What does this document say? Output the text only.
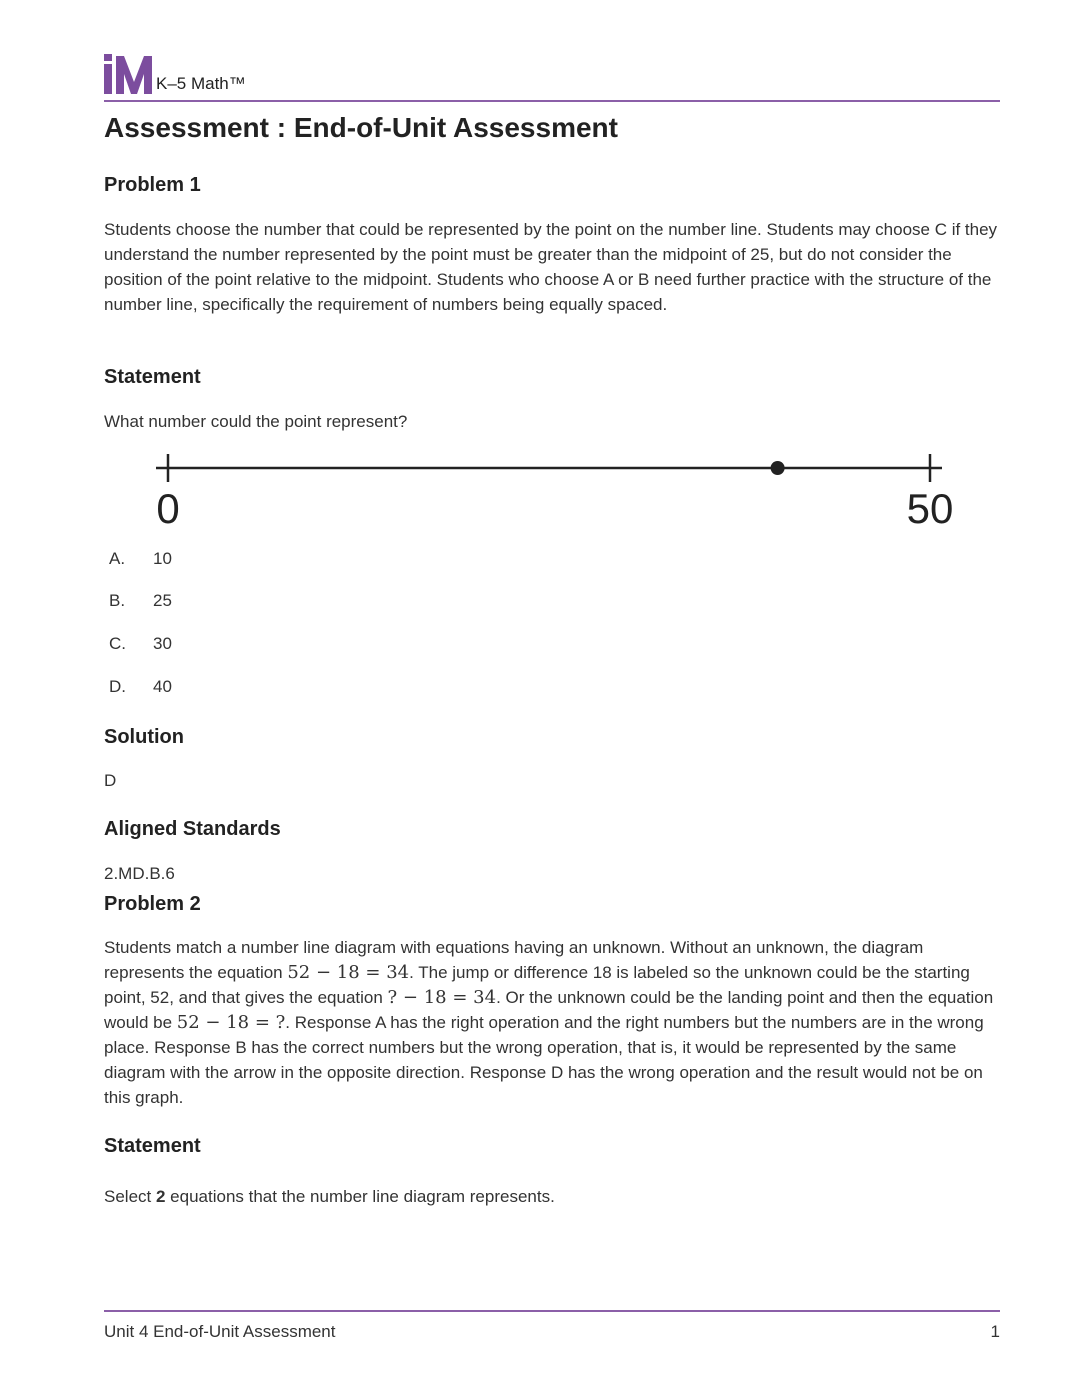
K–5 Math™
Assessment : End-of-Unit Assessment
Problem 1

Students choose the number that could be represented by the point on the number line. Students may choose C if they understand the number represented by the point must be greater than the midpoint of 25, but do not consider the position of the point relative to the midpoint. Students who choose A or B need further practice with the structure of the number line, specifically the requirement of numbers being equally spaced.

Statement

What number could the point represent?

0	50
A. 10
B. 25
C. 30
D. 40
Solution

D

Aligned Standards

2.MD.B.6

Problem 2

Students match a number line diagram with equations having an unknown. Without an unknown, the diagram represents the equation 52 − 18 = 34. The jump or difference 18 is labeled so the unknown could be the starting point, 52, and that gives the equation ? − 18 = 34. Or the unknown could be the landing point and then the equation would be 52 − 18 = ?. Response A has the right operation and the right numbers but the numbers are in the wrong place. Response B has the correct numbers but the wrong operation, that is, it would be represented by the same diagram with the arrow in the opposite direction. Response D has the wrong operation and the result would not be on this graph.

Statement

Select 2 equations that the number line diagram represents.

Unit 4 End-of-Unit Assessment	1
